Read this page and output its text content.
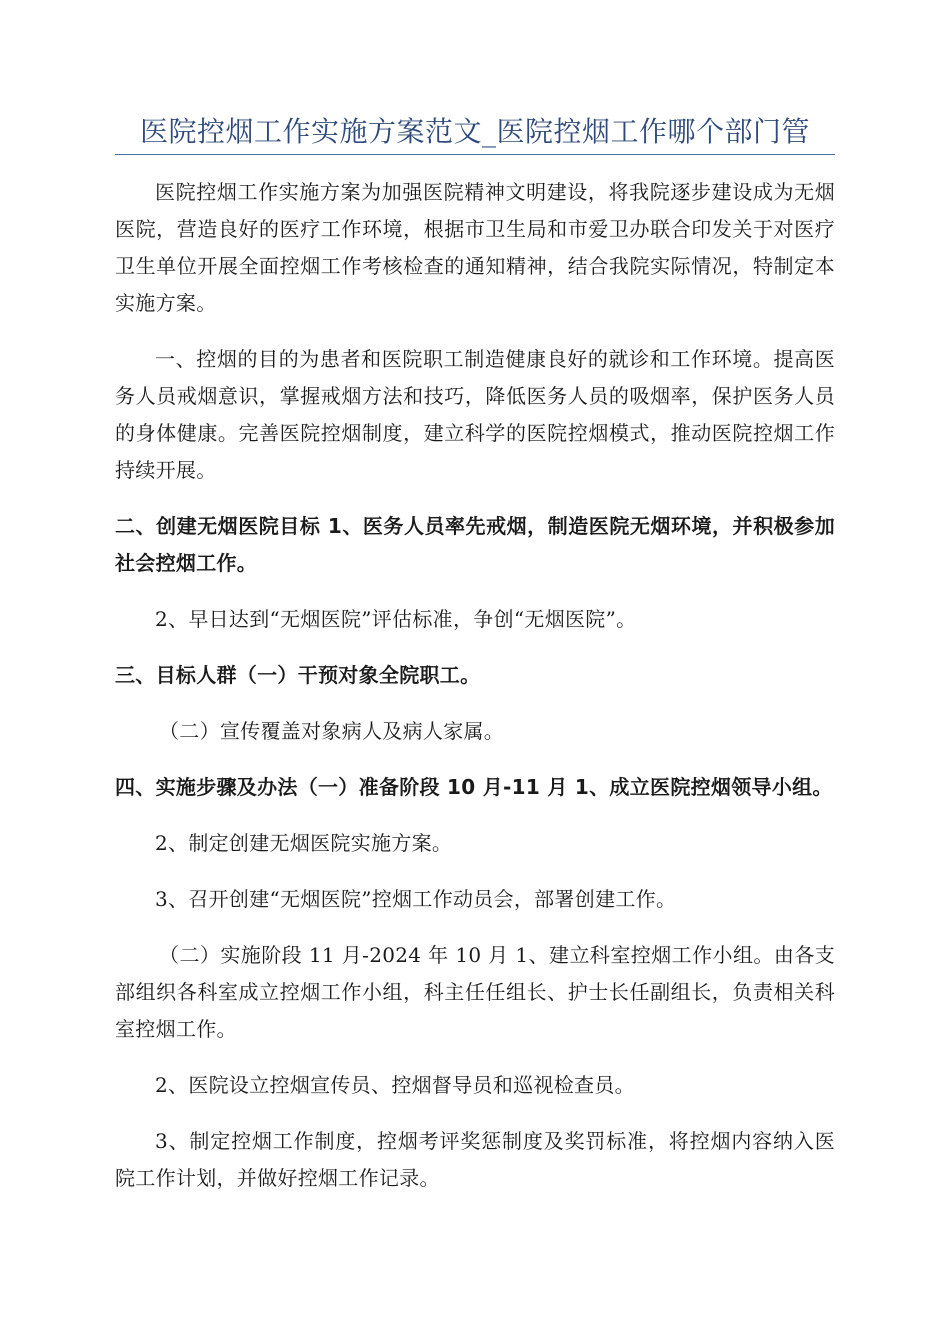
医院控烟工作实施方案范文_医院控烟工作哪个部门管

医院控烟工作实施方案为加强医院精神文明建设，将我院逐步建设成为无烟医院，营造良好的医疗工作环境，根据市卫生局和市爱卫办联合印发关于对医疗卫生单位开展全面控烟工作考核检查的通知精神，结合我院实际情况，特制定本实施方案。

一、控烟的目的为患者和医院职工制造健康良好的就诊和工作环境。提高医务人员戒烟意识，掌握戒烟方法和技巧，降低医务人员的吸烟率，保护医务人员的身体健康。完善医院控烟制度，建立科学的医院控烟模式，推动医院控烟工作持续开展。

二、创建无烟医院目标 1、医务人员率先戒烟，制造医院无烟环境，并积极参加社会控烟工作。

2、早日达到“无烟医院”评估标准，争创“无烟医院”。

三、目标人群（一）干预对象全院职工。

（二）宣传覆盖对象病人及病人家属。

四、实施步骤及办法（一）准备阶段 10 月-11 月 1、成立医院控烟领导小组。

2、制定创建无烟医院实施方案。

3、召开创建“无烟医院”控烟工作动员会，部署创建工作。

（二）实施阶段 11 月-2024 年 10 月 1、建立科室控烟工作小组。由各支部组织各科室成立控烟工作小组，科主任任组长、护士长任副组长，负责相关科室控烟工作。

2、医院设立控烟宣传员、控烟督导员和巡视检查员。

3、制定控烟工作制度，控烟考评奖惩制度及奖罚标准，将控烟内容纳入医院工作计划，并做好控烟工作记录。
